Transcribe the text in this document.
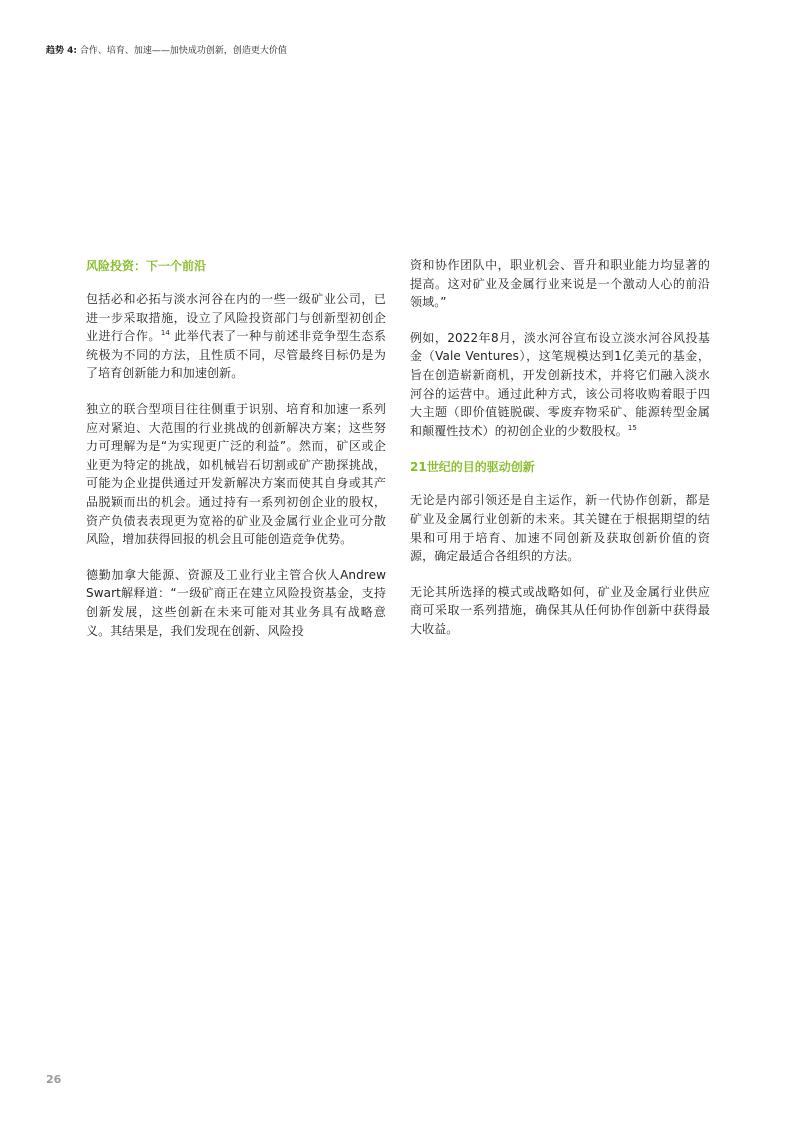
趋势 4: 合作、培育、加速——加快成功创新，创造更大价值
风险投资：下一个前沿

包括必和必拓与淡水河谷在内的一些一级矿业公司，已进一步采取措施，设立了风险投资部门与创新型初创企业进行合作。$^{14}$ 此举代表了一种与前述非竞争型生态系统极为不同的方法，且性质不同，尽管最终目标仍是为了培育创新能力和加速创新。

独立的联合型项目往往侧重于识别、培育和加速一系列应对紧迫、大范围的行业挑战的创新解决方案；这些努力可理解为是“为实现更广泛的利益”。然而，矿区或企业更为特定的挑战，如机械岩石切割或矿产勘探挑战，可能为企业提供通过开发新解决方案而使其自身或其产品脱颖而出的机会。通过持有一系列初创企业的股权，资产负债表表现更为宽裕的矿业及金属行业企业可分散风险，增加获得回报的机会且可能创造竞争优势。

德勤加拿大能源、资源及工业行业主管合伙人Andrew Swart解释道：“一级矿商正在建立风险投资基金，支持创新发展，这些创新在未来可能对其业务具有战略意义。其结果是，我们发现在创新、风险投

资和协作团队中，职业机会、晋升和职业能力均显著的提高。这对矿业及金属行业来说是一个激动人心的前沿领域。”

例如，2022年8月，淡水河谷宣布设立淡水河谷风投基金（Vale Ventures），这笔规模达到1亿美元的基金，旨在创造崭新商机，开发创新技术，并将它们融入淡水河谷的运营中。通过此种方式，该公司将收购着眼于四大主题（即价值链脱碳、零废弃物采矿、能源转型金属和颠覆性技术）的初创企业的少数股权。$^{15}$

21世纪的目的驱动创新

无论是内部引领还是自主运作，新一代协作创新，都是矿业及金属行业创新的未来。其关键在于根据期望的结果和可用于培育、加速不同创新及获取创新价值的资源，确定最适合各组织的方法。

无论其所选择的模式或战略如何，矿业及金属行业供应商可采取一系列措施，确保其从任何协作创新中获得最大收益。

26
